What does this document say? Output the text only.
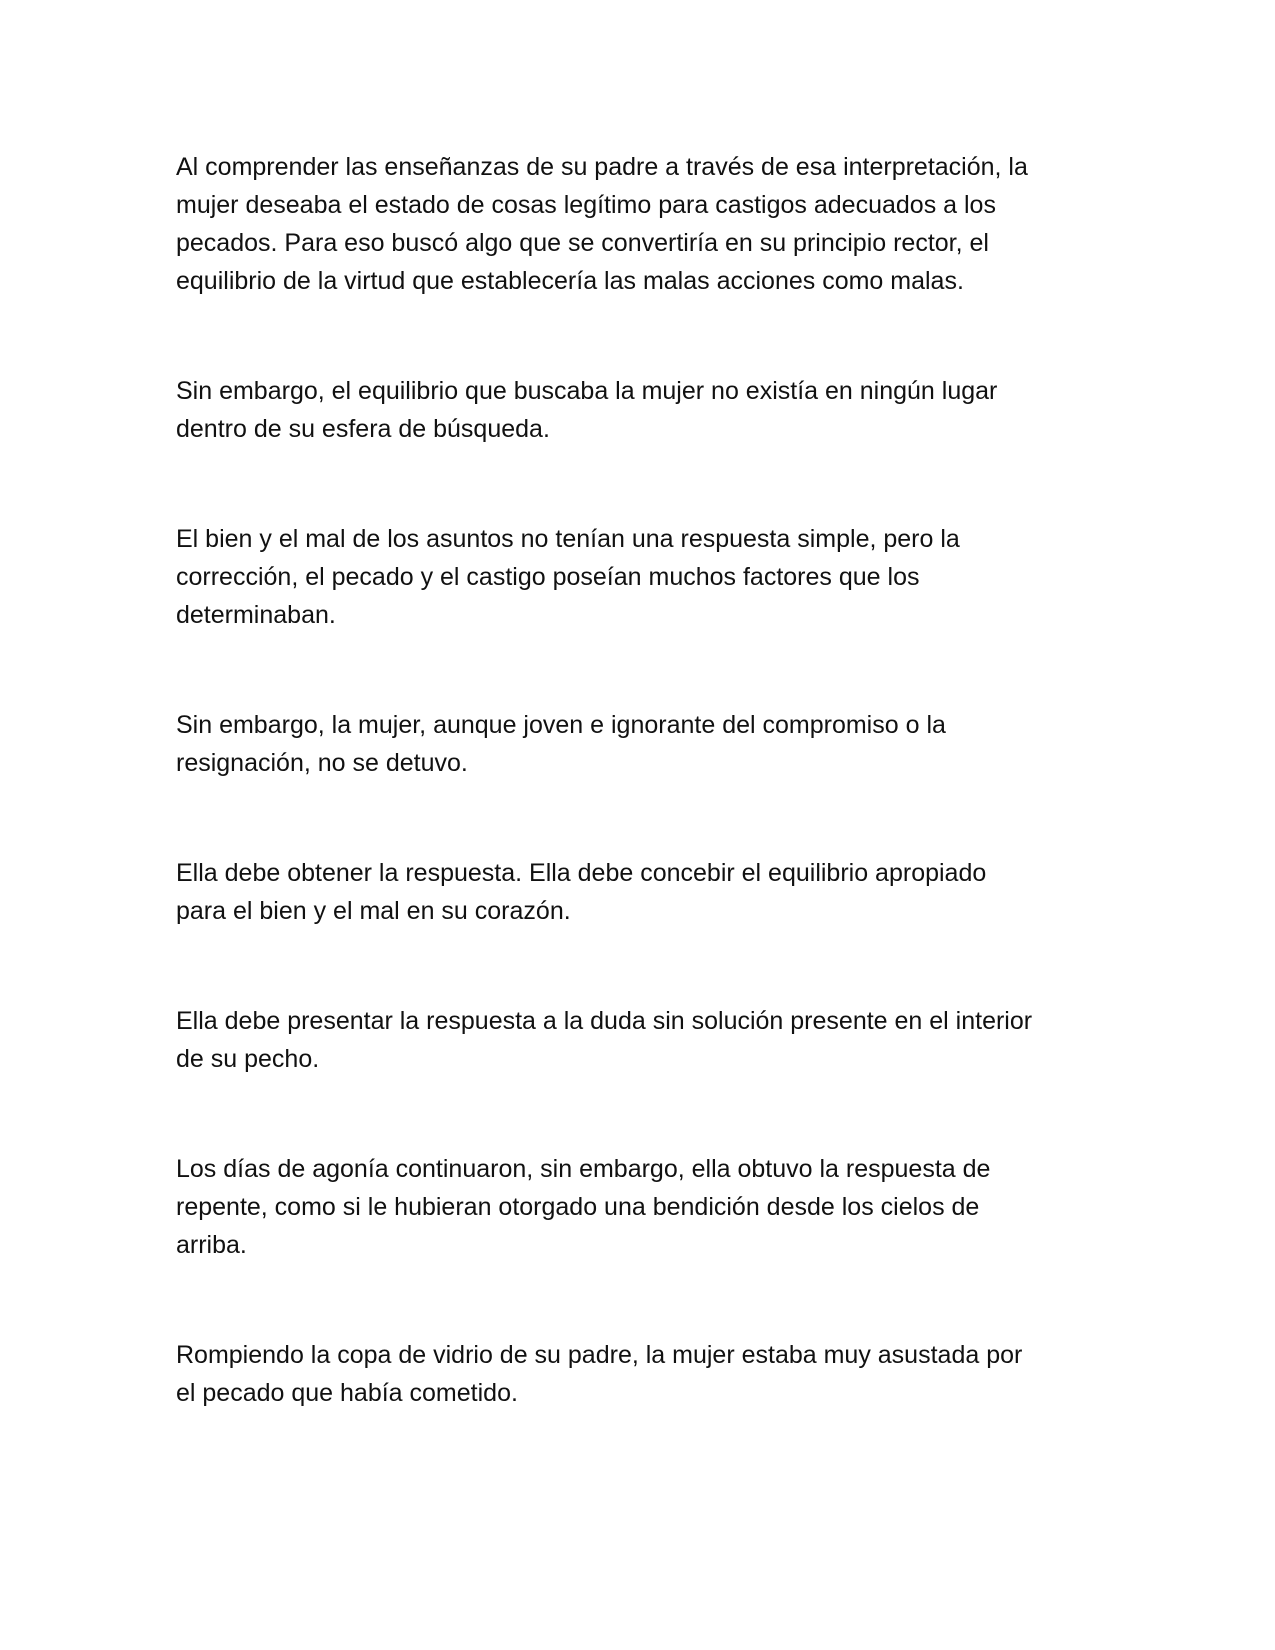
Al comprender las enseñanzas de su padre a través de esa interpretación, la
mujer deseaba el estado de cosas legítimo para castigos adecuados a los
pecados. Para eso buscó algo que se convertiría en su principio rector, el
equilibrio de la virtud que establecería las malas acciones como malas.

Sin embargo, el equilibrio que buscaba la mujer no existía en ningún lugar
dentro de su esfera de búsqueda.

El bien y el mal de los asuntos no tenían una respuesta simple, pero la
corrección, el pecado y el castigo poseían muchos factores que los
determinaban.

Sin embargo, la mujer, aunque joven e ignorante del compromiso o la
resignación, no se detuvo.

Ella debe obtener la respuesta. Ella debe concebir el equilibrio apropiado
para el bien y el mal en su corazón.

Ella debe presentar la respuesta a la duda sin solución presente en el interior
de su pecho.

Los días de agonía continuaron, sin embargo, ella obtuvo la respuesta de
repente, como si le hubieran otorgado una bendición desde los cielos de
arriba.

Rompiendo la copa de vidrio de su padre, la mujer estaba muy asustada por
el pecado que había cometido.
